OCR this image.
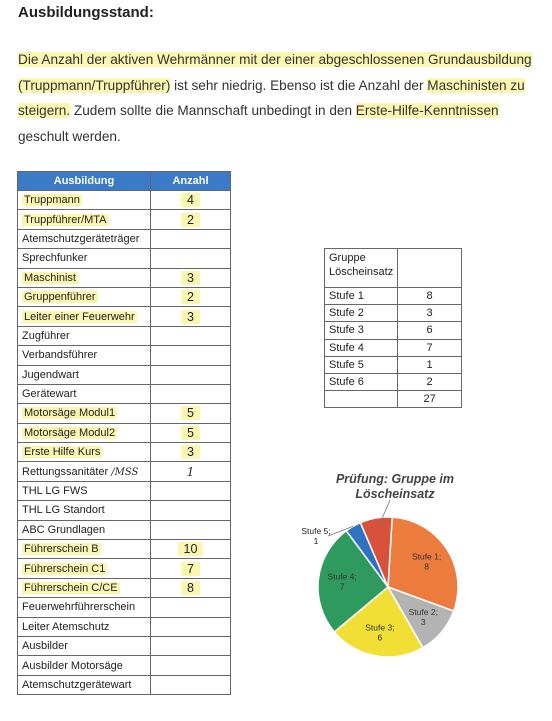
Ausbildungsstand:
Die Anzahl der aktiven Wehrmänner mit der einer abgeschlossenen Grundausbildung (Truppmann/Truppführer) ist sehr niedrig. Ebenso ist die Anzahl der Maschinisten zu steigern. Zudem sollte die Mannschaft unbedingt in den Erste-Hilfe-Kenntnissen geschult werden.
Ausbildung	Anzahl
Truppmann	4
Truppführer/MTA	2
Atemschutzgeräteträger	
Sprechfunker	
Maschinist	3
Gruppenführer	2
Leiter einer Feuerwehr	3
Zugführer	
Verbandsführer	
Jugendwart	
Gerätewart	
Motorsäge Modul1	5
Motorsäge Modul2	5
Erste Hilfe Kurs	3
Rettungssanitäter /MSS	1
THL LG FWS	
THL LG Standort	
ABC Grundlagen	
Führerschein B	10
Führerschein C1	7
Führerschein C/CE	8
Feuerwehrführerschein	
Leiter Atemschutz	
Ausbilder	
Ausbilder Motorsäge	
Atemschutzgerätewart	
Gruppe
Löscheinsatz	
Stufe 1	8
Stufe 2	3
Stufe 3	6
Stufe 4	7
Stufe 5	1
Stufe 6	2
	27
Prüfung: Gruppe im
Löscheinsatz
Stufe 1; 8
Stufe 2; 3
Stufe 3; 6
Stufe 4; 7
Stufe 5; 1
